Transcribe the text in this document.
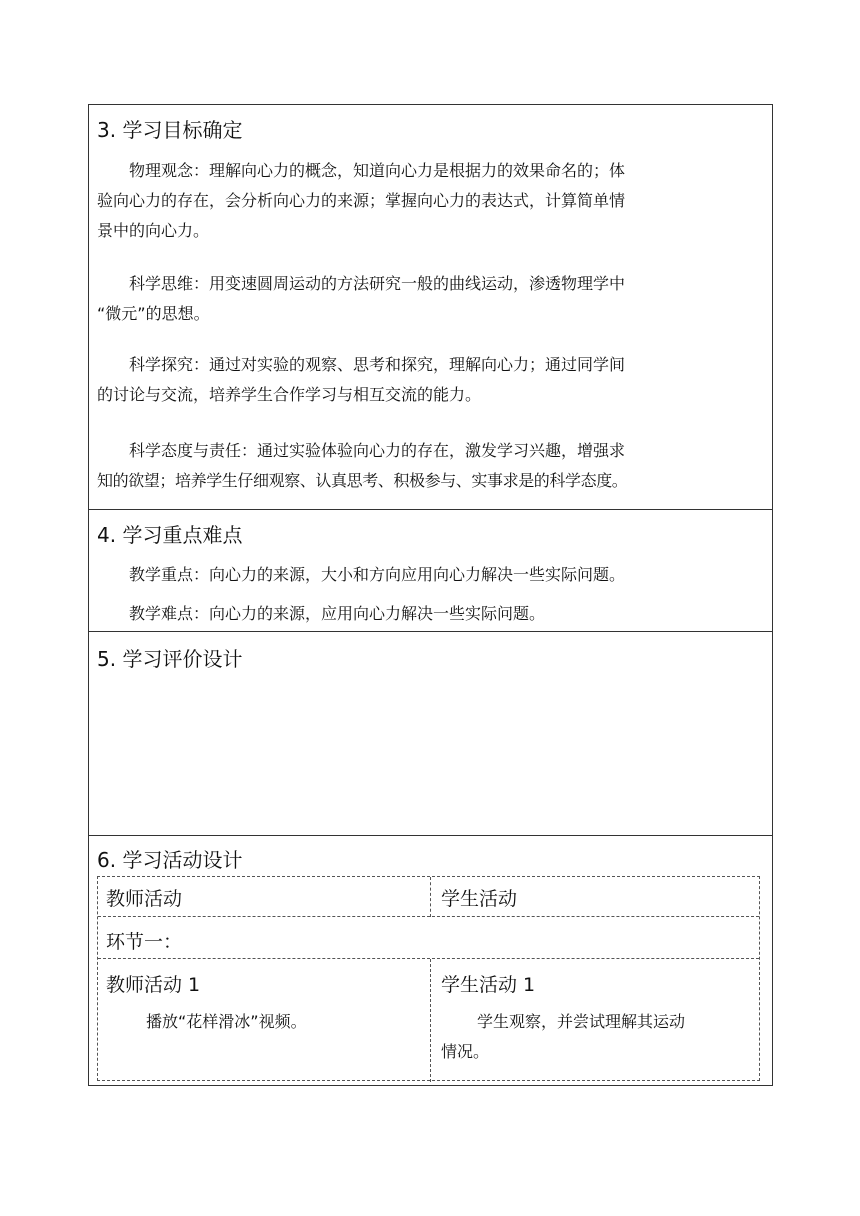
3. 学习目标确定
物理观念：理解向心力的概念，知道向心力是根据力的效果命名的；体
验向心力的存在，会分析向心力的来源；掌握向心力的表达式，计算简单情
景中的向心力。
科学思维：用变速圆周运动的方法研究一般的曲线运动，渗透物理学中
“微元”的思想。
科学探究：通过对实验的观察、思考和探究，理解向心力；通过同学间
的讨论与交流，培养学生合作学习与相互交流的能力。
科学态度与责任：通过实验体验向心力的存在，激发学习兴趣，增强求
知的欲望；培养学生仔细观察、认真思考、积极参与、实事求是的科学态度。
4. 学习重点难点
教学重点：向心力的来源，大小和方向应用向心力解决一些实际问题。
教学难点：向心力的来源，应用向心力解决一些实际问题。
5. 学习评价设计
6. 学习活动设计
教师活动	学生活动
环节一：
教师活动 1
播放“花样滑冰”视频。
学生活动 1
学生观察，并尝试理解其运动
情况。
